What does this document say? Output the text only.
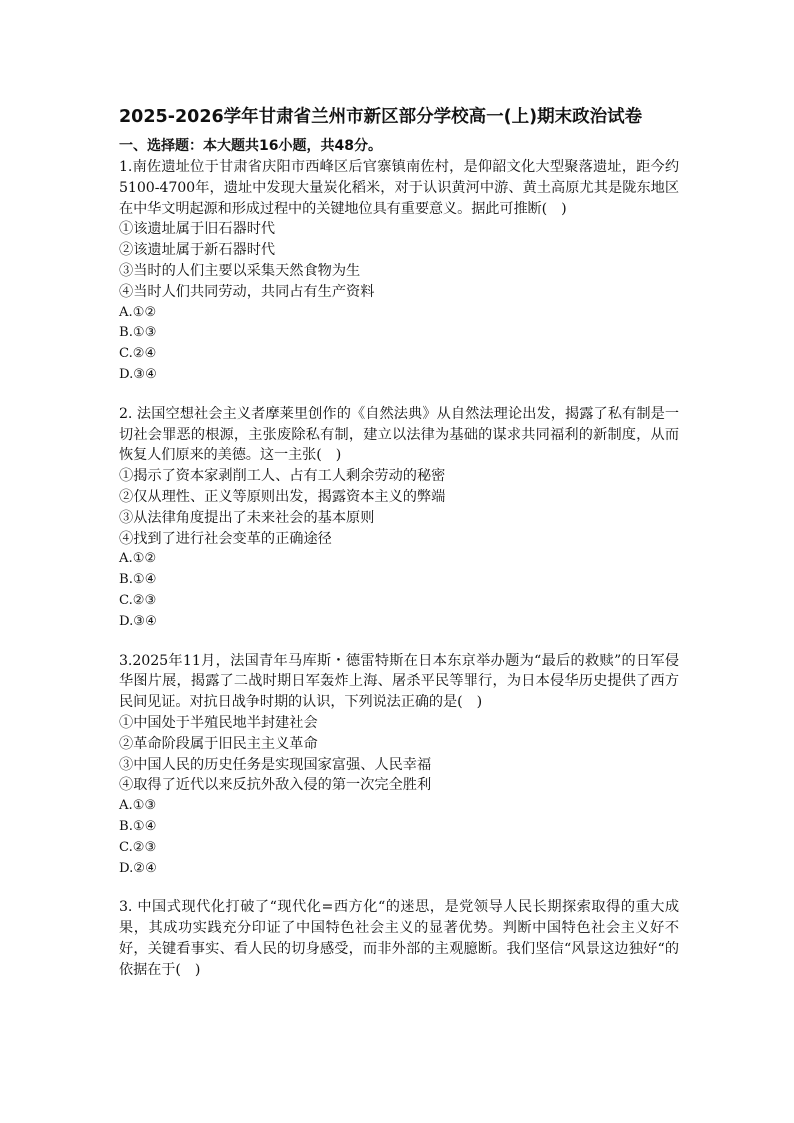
2025-2026学年甘肃省兰州市新区部分学校高一(上)期末政治试卷
一、选择题：本大题共16小题，共48分。

1.南佐遗址位于甘肃省庆阳市西峰区后官寨镇南佐村，是仰韶文化大型聚落遗址，距今约5100-4700年，遗址中发现大量炭化稻米，对于认识黄河中游、黄土高原尤其是陇东地区在中华文明起源和形成过程中的关键地位具有重要意义。据此可推断(　)

①该遗址属于旧石器时代

②该遗址属于新石器时代

③当时的人们主要以采集天然食物为生

④当时人们共同劳动，共同占有生产资料

A.①②

B.①③

C.②④

D.③④

2. 法国空想社会主义者摩莱里创作的《自然法典》从自然法理论出发，揭露了私有制是一切社会罪恶的根源，主张废除私有制，建立以法律为基础的谋求共同福利的新制度，从而恢复人们原来的美德。这一主张(　)

①揭示了资本家剥削工人、占有工人剩余劳动的秘密

②仅从理性、正义等原则出发，揭露资本主义的弊端

③从法律角度提出了未来社会的基本原则

④找到了进行社会变革的正确途径

A.①②

B.①④

C.②③

D.③④

3.2025年11月，法国青年马库斯・德雷特斯在日本东京举办题为“最后的救赎”的日军侵华图片展，揭露了二战时期日军轰炸上海、屠杀平民等罪行，为日本侵华历史提供了西方民间见证。对抗日战争时期的认识，下列说法正确的是(　)

①中国处于半殖民地半封建社会

②革命阶段属于旧民主主义革命

③中国人民的历史任务是实现国家富强、人民幸福

④取得了近代以来反抗外敌入侵的第一次完全胜利

A.①③

B.①④

C.②③

D.②④

3. 中国式现代化打破了“现代化=西方化“的迷思，是党领导人民长期探索取得的重大成果，其成功实践充分印证了中国特色社会主义的显著优势。判断中国特色社会主义好不好，关键看事实、看人民的切身感受，而非外部的主观臆断。我们坚信“风景这边独好“的依据在于(　)
